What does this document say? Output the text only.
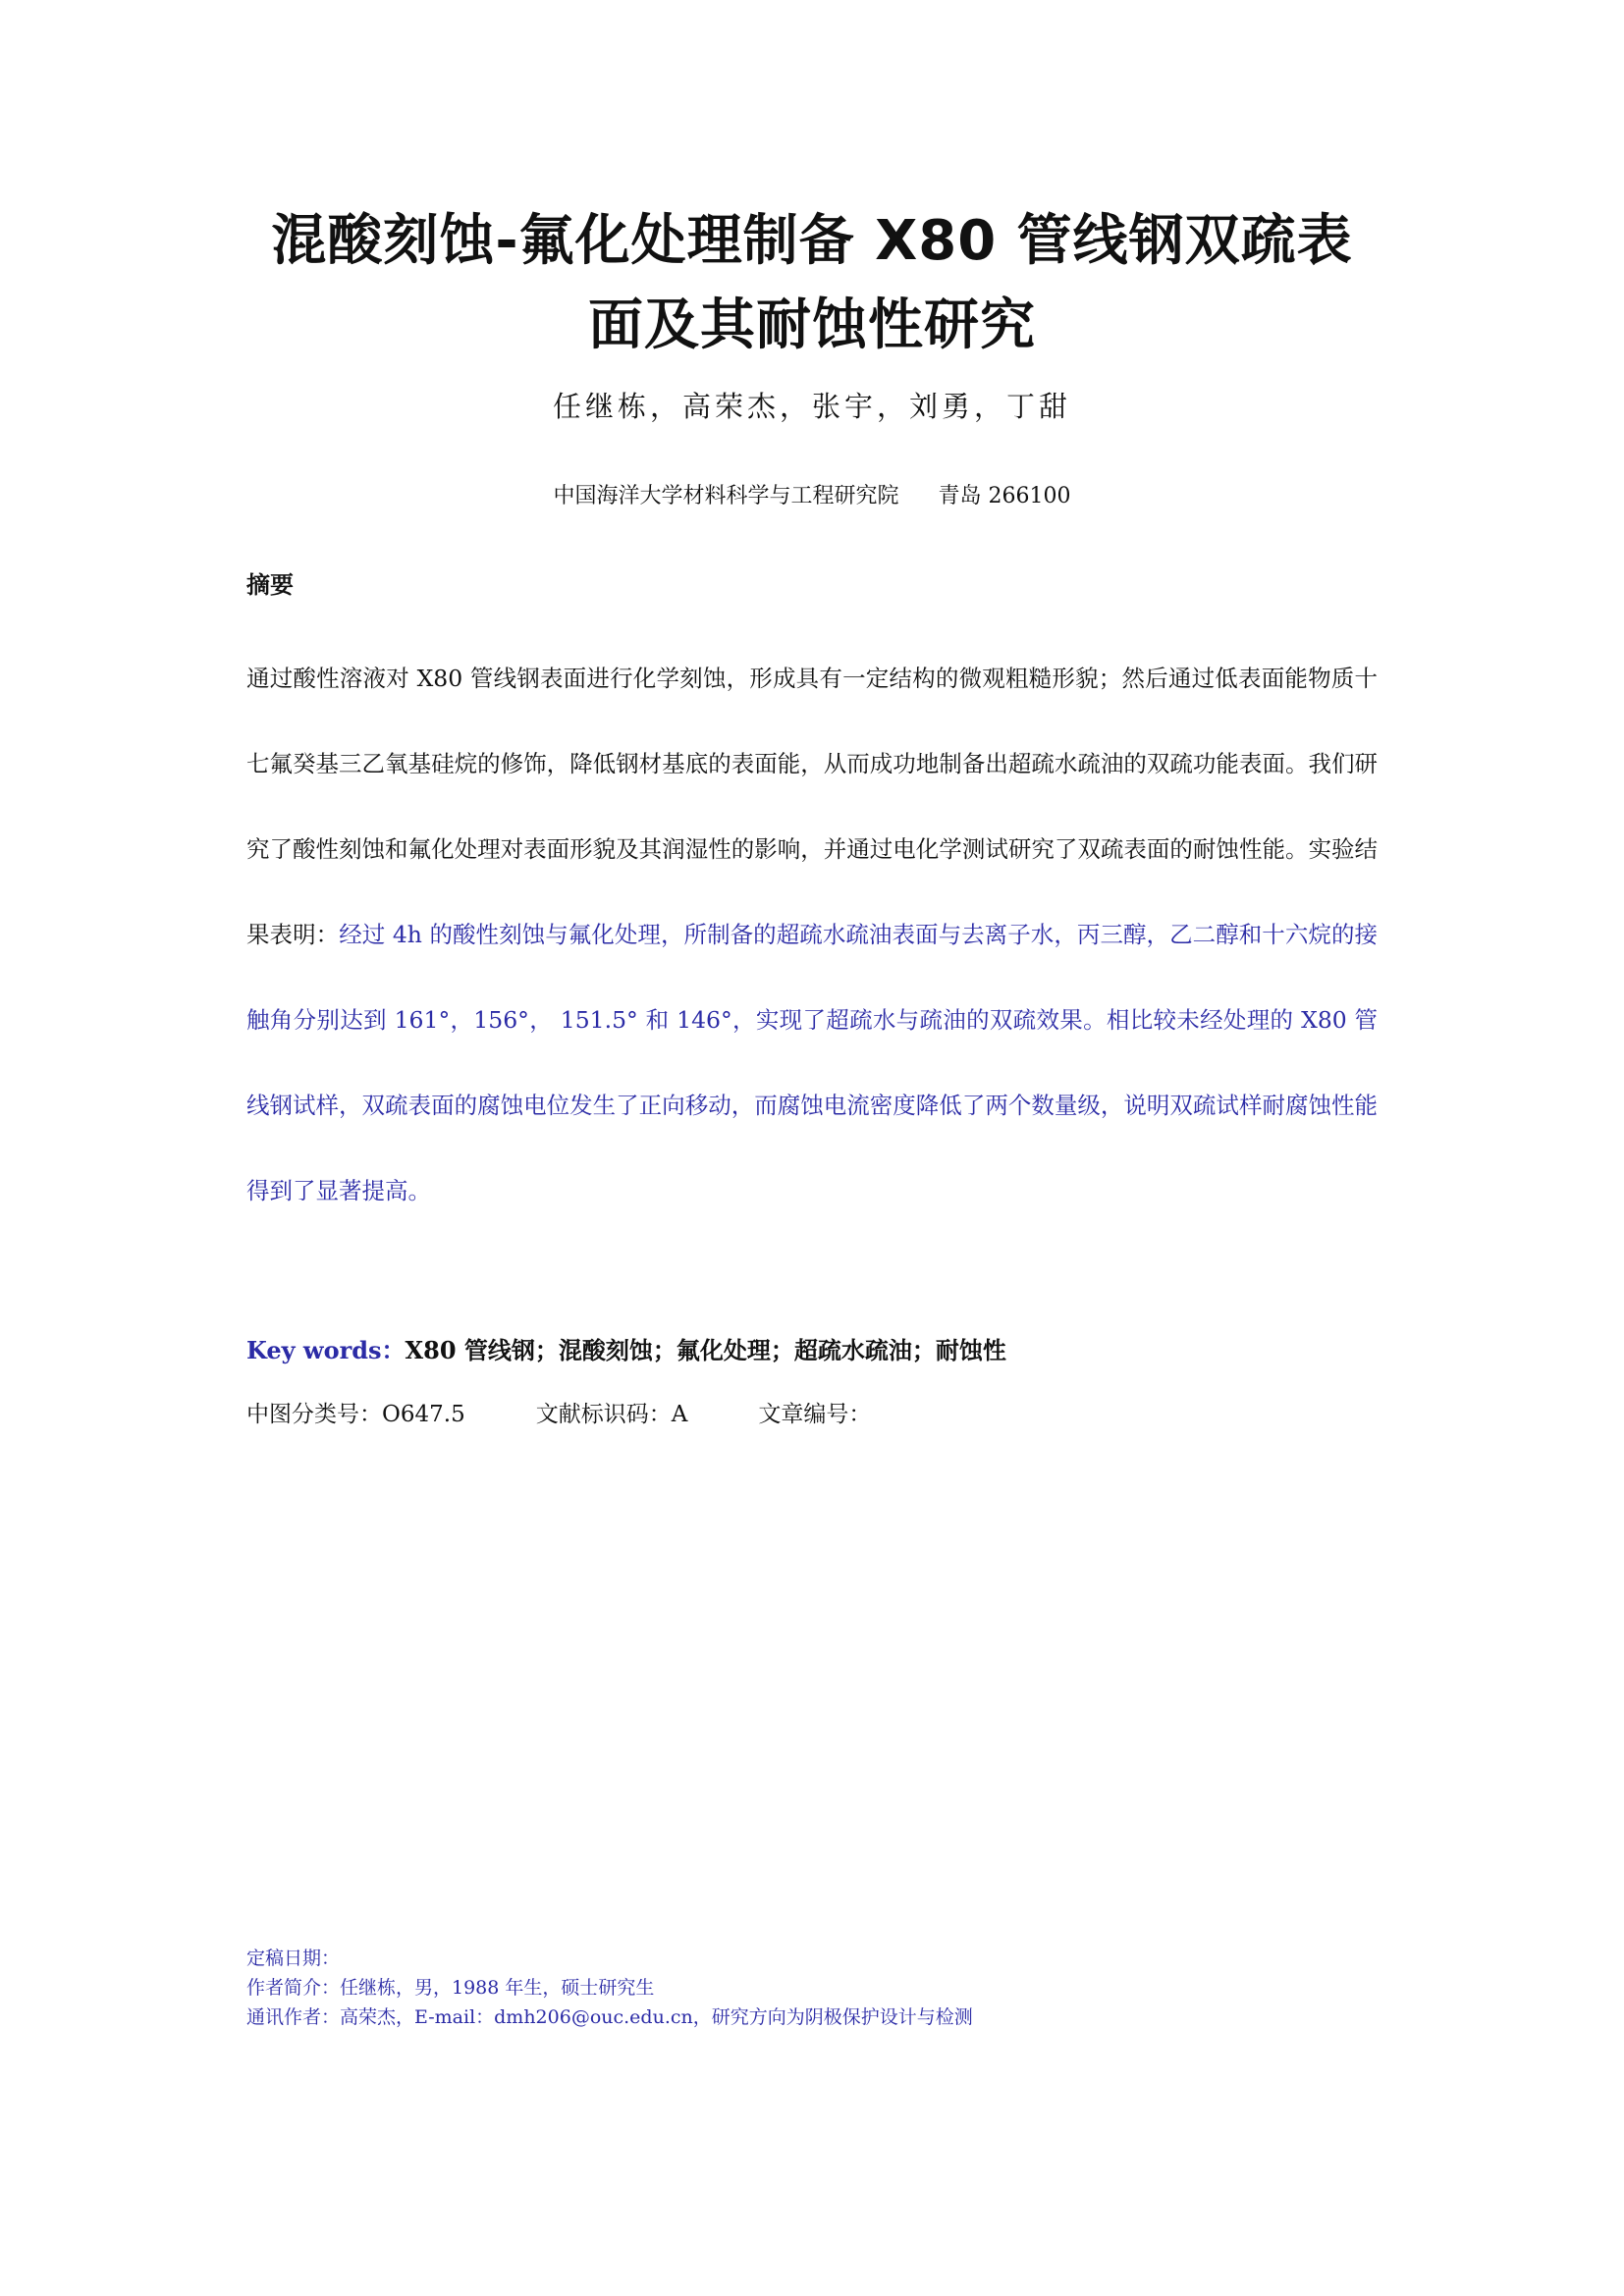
混酸刻蚀-氟化处理制备 X80 管线钢双疏表
面及其耐蚀性研究
任继栋，高荣杰，张宇，刘勇，丁甜
中国海洋大学材料科学与工程研究院 青岛 266100
摘要
通过酸性溶液对 X80 管线钢表面进行化学刻蚀，形成具有一定结构的微观粗糙形貌；然后通过低表面能物质十七氟癸基三乙氧基硅烷的修饰，降低钢材基底的表面能，从而成功地制备出超疏水疏油的双疏功能表面。我们研究了酸性刻蚀和氟化处理对表面形貌及其润湿性的影响，并通过电化学测试研究了双疏表面的耐蚀性能。实验结果表明：经过 4h 的酸性刻蚀与氟化处理，所制备的超疏水疏油表面与去离子水，丙三醇，乙二醇和十六烷的接触角分别达到 161°，156°， 151.5° 和 146°，实现了超疏水与疏油的双疏效果。相比较未经处理的 X80 管线钢试样，双疏表面的腐蚀电位发生了正向移动，而腐蚀电流密度降低了两个数量级，说明双疏试样耐腐蚀性能得到了显著提高。
Key words：X80 管线钢；混酸刻蚀；氟化处理；超疏水疏油；耐蚀性
中图分类号：O647.5	文献标识码：A	文章编号：
定稿日期：
作者简介：任继栋，男，1988 年生，硕士研究生
通讯作者：高荣杰，E-mail：dmh206@ouc.edu.cn，研究方向为阴极保护设计与检测
